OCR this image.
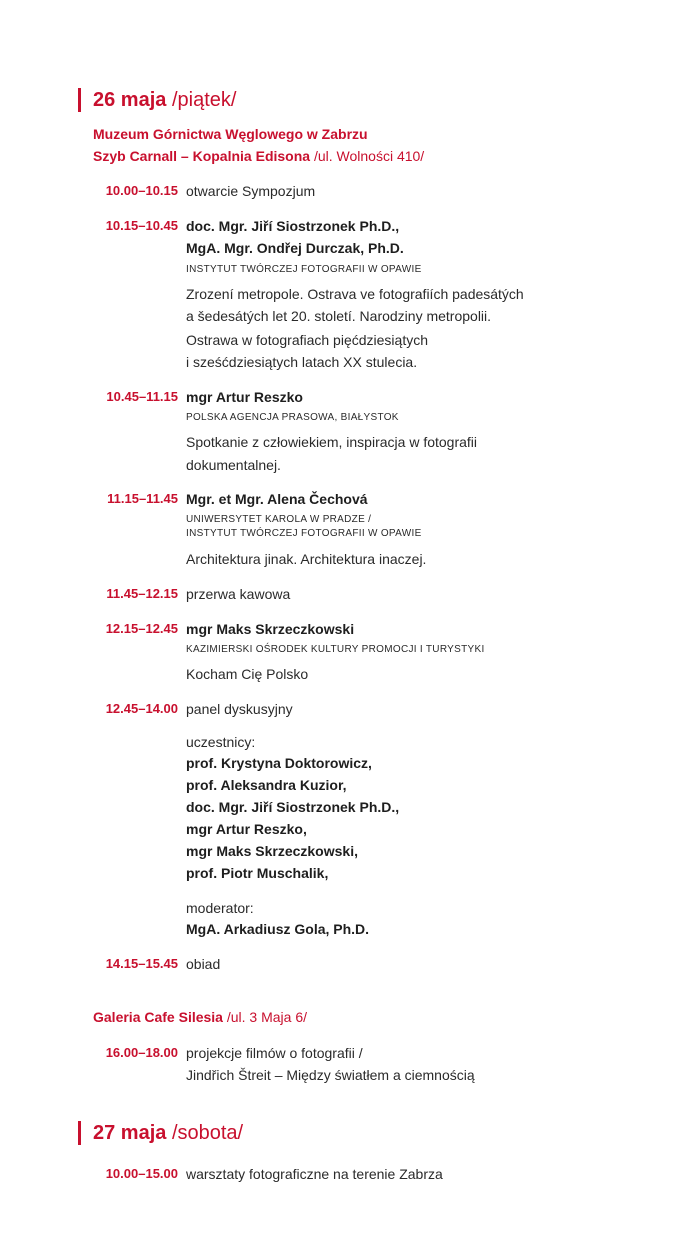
26 maja /piątek/
Muzeum Górnictwa Węglowego w Zabrzu
Szyb Carnall – Kopalnia Edisona /ul. Wolności 410/
10.00–10.15 otwarcie Sympozjum
10.15–10.45 doc. Mgr. Jiří Siostrzonek Ph.D.,
MgA. Mgr. Ondřej Durczak, Ph.D.
INSTYTUT TWÓRCZEJ FOTOGRAFII W OPAWIE
Zrození metropole. Ostrava ve fotografiích padesátých
a šedesátých let 20. století. Narodziny metropolii.
Ostrawa w fotografiach pięćdziesiątych
i sześćdziesiątych latach XX stulecia.
10.45–11.15 mgr Artur Reszko
POLSKA AGENCJA PRASOWA, BIAŁYSTOK
Spotkanie z człowiekiem, inspiracja w fotografii
dokumentalnej.
11.15–11.45 Mgr. et Mgr. Alena Čechová
UNIWERSYTET KAROLA W PRADZE /
INSTYTUT TWÓRCZEJ FOTOGRAFII W OPAWIE
Architektura jinak. Architektura inaczej.
11.45–12.15 przerwa kawowa
12.15–12.45 mgr Maks Skrzeczkowski
KAZIMIERSKI OŚRODEK KULTURY PROMOCJI I TURYSTYKI
Kocham Cię Polsko
12.45–14.00 panel dyskusyjny
uczestnicy:
prof. Krystyna Doktorowicz,
prof. Aleksandra Kuzior,
doc. Mgr. Jiří Siostrzonek Ph.D.,
mgr Artur Reszko,
mgr Maks Skrzeczkowski,
prof. Piotr Muschalik,
moderator:
MgA. Arkadiusz Gola, Ph.D.
14.15–15.45 obiad
Galeria Cafe Silesia /ul. 3 Maja 6/
16.00–18.00 projekcje filmów o fotografii /
Jindřich Štreit – Między światłem a ciemnością
27 maja /sobota/
10.00–15.00 warsztaty fotograficzne na terenie Zabrza
